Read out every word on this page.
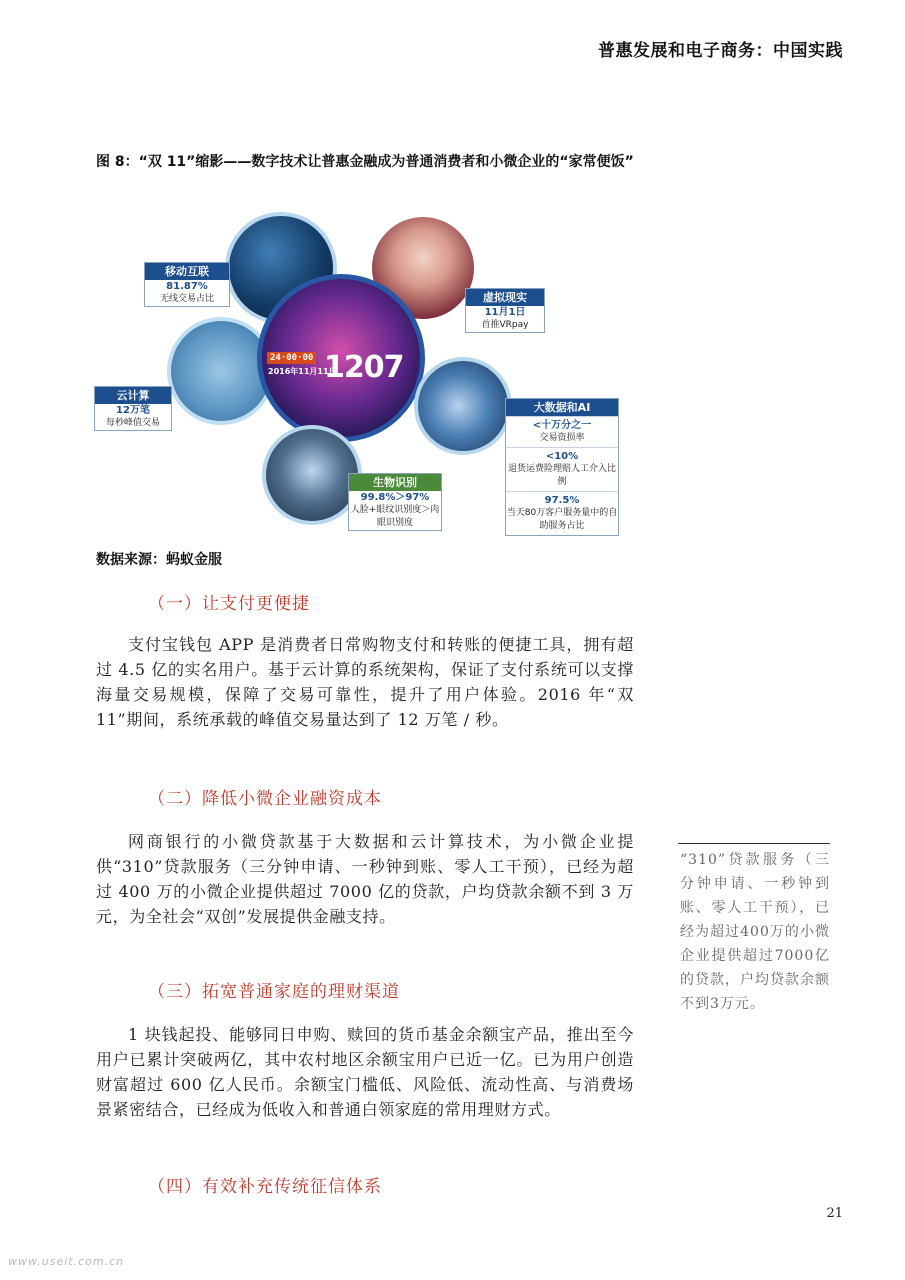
普惠发展和电子商务：中国实践
图 8：“双 11”缩影——数字技术让普惠金融成为普通消费者和小微企业的“家常便饭”
24·00·00 1207
2016年11月11日
移动互联
81.87%
无线交易占比	虚拟现实
11月1日
首推VRpay
云计算
12万笔
每秒峰值交易
大数据和AI
<十万分之一
交易资损率
<10%
退货运费险理赔人工介入比例
97.5%
当天80万客户服务量中的自助服务占比
生物识别
99.8%＞97%
人脸+眼纹识别度＞肉眼识别度
数据来源：蚂蚁金服
（一）让支付更便捷
支付宝钱包 APP 是消费者日常购物支付和转账的便捷工具，拥有超过 4.5 亿的实名用户。基于云计算的系统架构，保证了支付系统可以支撑海量交易规模，保障了交易可靠性，提升了用户体验。2016 年“双 11”期间，系统承载的峰值交易量达到了 12 万笔 / 秒。
（二）降低小微企业融资成本
网商银行的小微贷款基于大数据和云计算技术，为小微企业提供“310”贷款服务（三分钟申请、一秒钟到账、零人工干预），已经为超过 400 万的小微企业提供超过 7000 亿的贷款，户均贷款余额不到 3 万元，为全社会“双创”发展提供金融支持。
（三）拓宽普通家庭的理财渠道
1 块钱起投、能够同日申购、赎回的货币基金余额宝产品，推出至今用户已累计突破两亿，其中农村地区余额宝用户已近一亿。已为用户创造财富超过 600 亿人民币。余额宝门槛低、风险低、流动性高、与消费场景紧密结合，已经成为低收入和普通白领家庭的常用理财方式。
（四）有效补充传统征信体系
“310”贷款服务（三分钟申请、一秒钟到账、零人工干预），已经为超过400万的小微企业提供超过7000亿的贷款，户均贷款余额不到3万元。
21
www.useit.com.cn
